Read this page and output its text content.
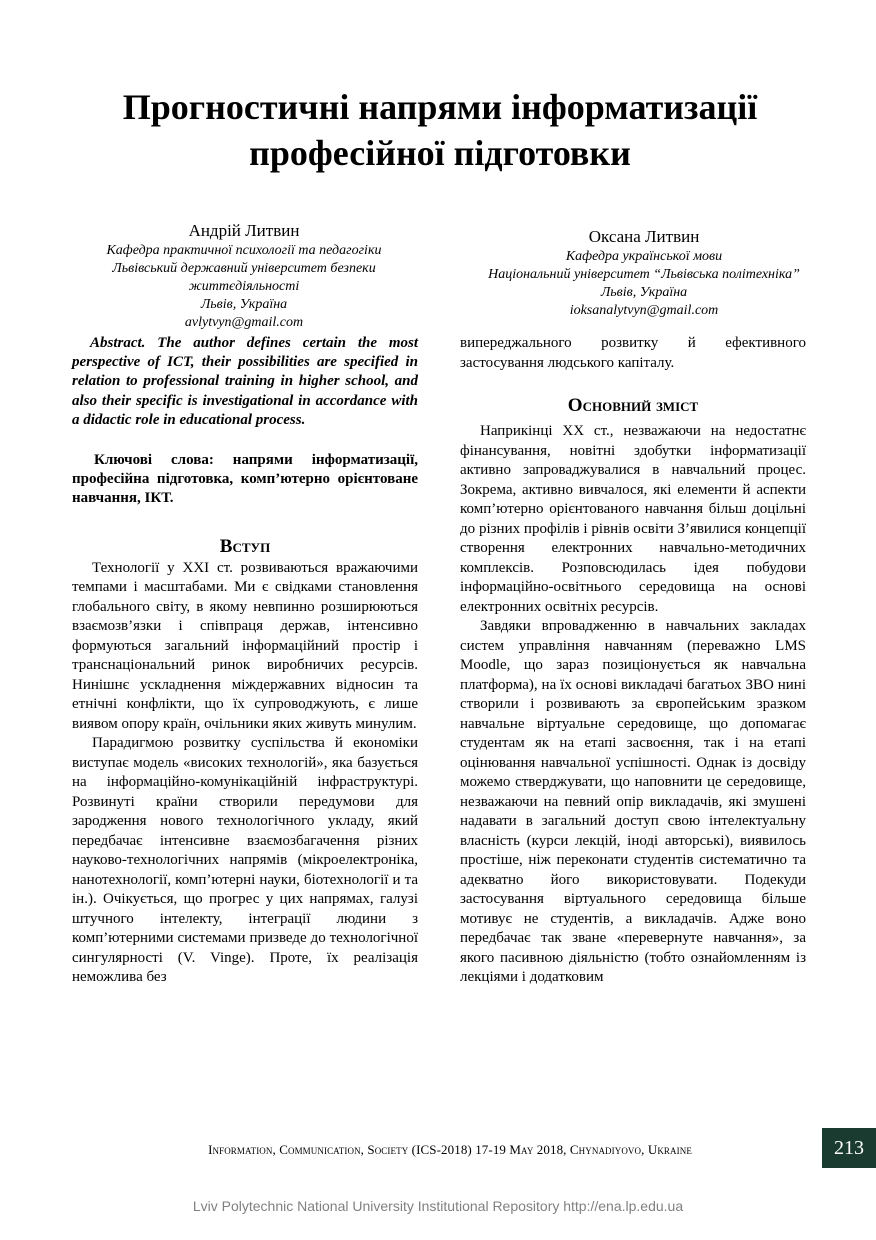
Прогностичні напрями інформатизації
професійної підготовки
Андрій Литвин
Кафедра практичної психології та педагогіки
Львівський державний університет безпеки
життєдіяльності
Львів, Україна
avlytvyn@gmail.com
Оксана Литвин
Кафедра української мови
Національний університет “Львівська політехніка”
Львів, Україна
ioksanalytvyn@gmail.com

Abstract. The author defines certain the most perspective of ICT, their possibilities are specified in relation to professional training in higher school, and also their specific is investigational in accordance with a didactic role in educational process.

Ключові слова: напрями інформатизації, професійна підготовка, комп’ютерно орієнтоване навчання, ІКТ.

Вступ

Технології у XXI ст. розвиваються вражаючими темпами і масштабами. Ми є свідками становлення глобального світу, в якому невпинно розширюються взаємозв’язки і співпраця держав, інтенсивно формуються загальний інформаційний простір і транснаціональний ринок виробничих ресурсів. Нинішнє ускладнення міждержавних відносин та етнічні конфлікти, що їх супроводжують, є лише виявом опору країн, очільники яких живуть минулим.

Парадигмою розвитку суспільства й економіки виступає модель «високих технологій», яка базується на інформаційно-комунікаційній інфраструктурі. Розвинуті країни створили передумови для зародження нового технологічного укладу, який передбачає інтенсивне взаємозбагачення різних науково-технологічних напрямів (мікроелектроніка, нанотехнології, комп’ютерні науки, біотехнології и та ін.). Очікується, що прогрес у цих напрямах, галузі штучного інтелекту, інтеграції людини з комп’ютерними системами призведе до технологічної сингулярності (V. Vinge). Проте, їх реалізація неможлива без

випереджального розвитку й ефективного застосування людського капіталу.

Основний зміст

Наприкінці XX ст., незважаючи на недостатнє фінансування, новітні здобутки інформатизації активно запроваджувалися в навчальний процес. Зокрема, активно вивчалося, які елементи й аспекти комп’ютерно орієнтованого навчання більш доцільні до різних профілів і рівнів освіти З’явилися концепції створення електронних навчально-методичних комплексів. Розповсюдилась ідея побудови інформаційно-освітнього середовища на основі електронних освітніх ресурсів.

Завдяки впровадженню в навчальних закладах систем управління навчанням (переважно LMS Moodle, що зараз позиціонується як навчальна платформа), на їх основі викладачі багатьох ЗВО нині створили і розвивають за європейським зразком навчальне віртуальне середовище, що допомагає студентам як на етапі засвоєння, так і на етапі оцінювання навчальної успішності. Однак із досвіду можемо стверджувати, що наповнити це середовище, незважаючи на певний опір викладачів, які змушені надавати в загальний доступ свою інтелектуальну власність (курси лекцій, іноді авторські), виявилось простіше, ніж переконати студентів систематично та адекватно його використовувати. Подекуди застосування віртуального середовища більше мотивує не студентів, а викладачів. Адже воно передбачає так зване «перевернуте навчання», за якого пасивною діяльністю (тобто ознайомленням із лекціями і додатковим

Information, Communication, Society (ICS-2018) 17-19 May 2018, Chynadiyovo, Ukraine	213
Lviv Polytechnic National University Institutional Repository http://ena.lp.edu.ua
